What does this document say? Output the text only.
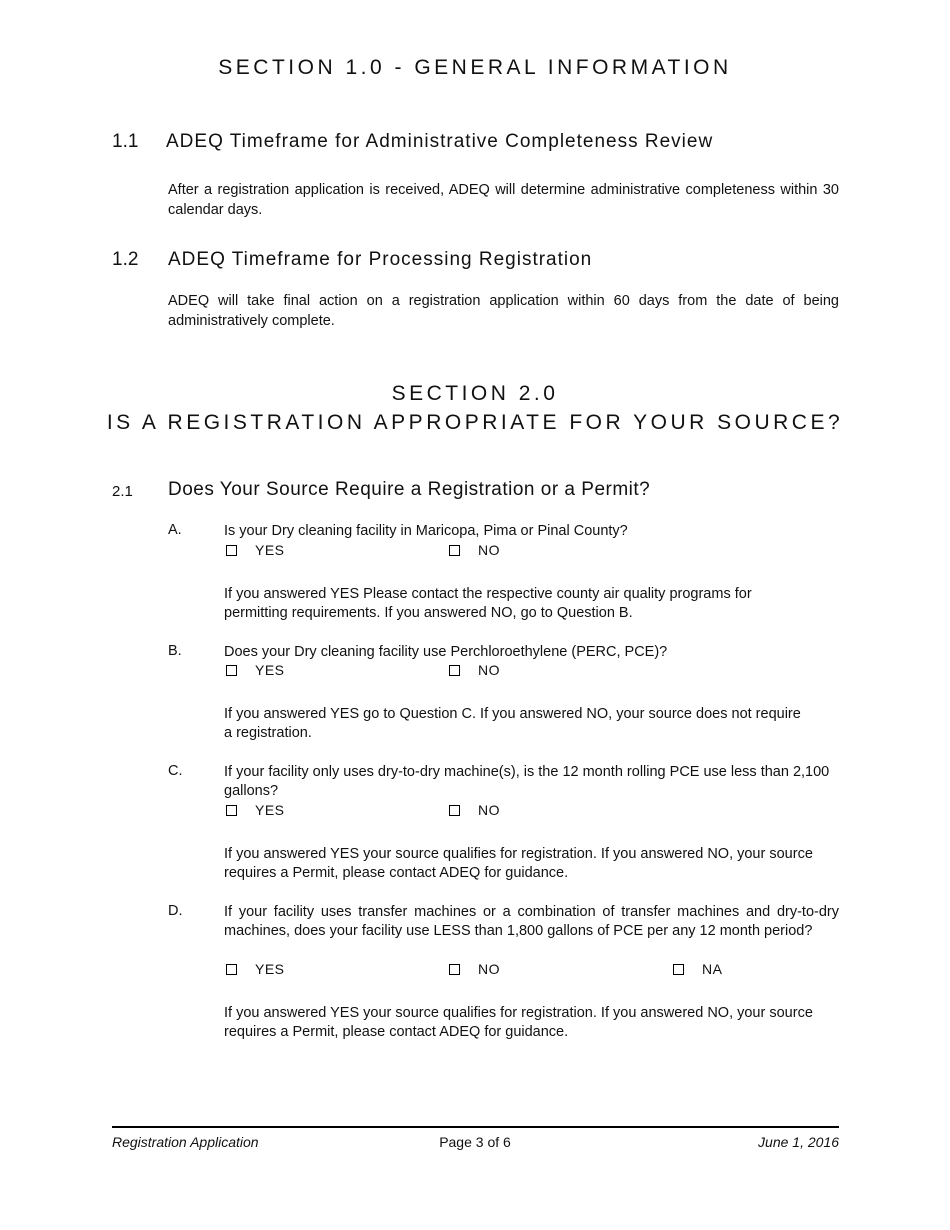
SECTION 1.0 - GENERAL INFORMATION
1.1 ADEQ Timeframe for Administrative Completeness Review
After a registration application is received, ADEQ will determine administrative completeness within 30 calendar days.
1.2 ADEQ Timeframe for Processing Registration
ADEQ will take final action on a registration application within 60 days from the date of being administratively complete.
SECTION 2.0
IS A REGISTRATION APPROPRIATE FOR YOUR SOURCE?
2.1 Does Your Source Require a Registration or a Permit?
A.	Is your Dry cleaning facility in Maricopa, Pima or Pinal County?
YES	NO
If you answered YES Please contact the respective county air quality programs for permitting requirements. If you answered NO, go to Question B.
B.	Does your Dry cleaning facility use Perchloroethylene (PERC, PCE)?
YES	NO
If you answered YES go to Question C. If you answered NO, your source does not require a registration.
C.	If your facility only uses dry-to-dry machine(s), is the 12 month rolling PCE use less than 2,100 gallons?
YES	NO
If you answered YES your source qualifies for registration. If you answered NO, your source requires a Permit, please contact ADEQ for guidance.
D.	If your facility uses transfer machines or a combination of transfer machines and dry-to-dry machines, does your facility use LESS than 1,800 gallons of PCE per any 12 month period?
YES	NO	NA
If you answered YES your source qualifies for registration. If you answered NO, your source requires a Permit, please contact ADEQ for guidance.
Registration Application	Page 3 of 6	June 1, 2016
